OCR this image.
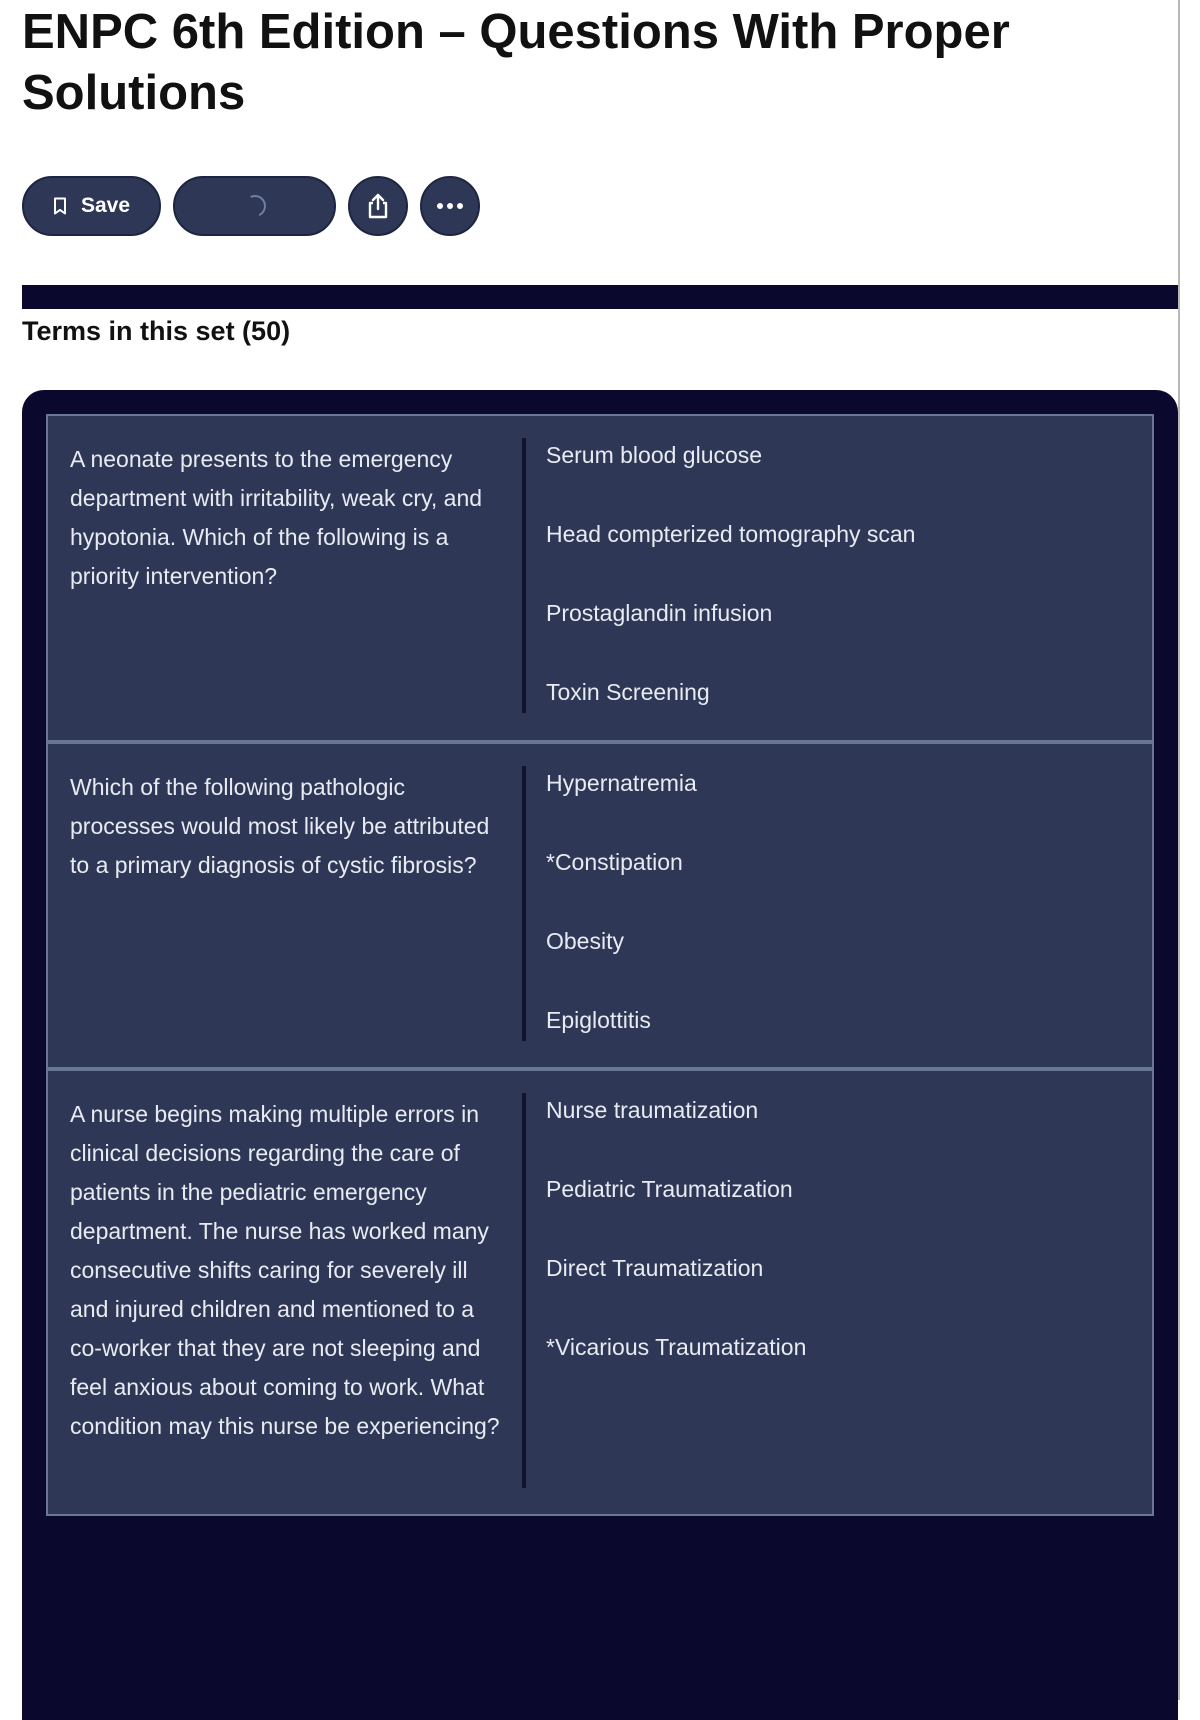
ENPC 6th Edition – Questions With Proper Solutions
Save
Terms in this set (50)
A neonate presents to the emergency department with irritability, weak cry, and hypotonia. Which of the following is a priority intervention?
Serum blood glucose
Head compterized tomography scan
Prostaglandin infusion
Toxin Screening
Which of the following pathologic processes would most likely be attributed to a primary diagnosis of cystic fibrosis?
Hypernatremia
*Constipation
Obesity
Epiglottitis
A nurse begins making multiple errors in clinical decisions regarding the care of patients in the pediatric emergency department. The nurse has worked many consecutive shifts caring for severely ill and injured children and mentioned to a co-worker that they are not sleeping and feel anxious about coming to work. What condition may this nurse be experiencing?
Nurse traumatization
Pediatric Traumatization
Direct Traumatization
*Vicarious Traumatization
